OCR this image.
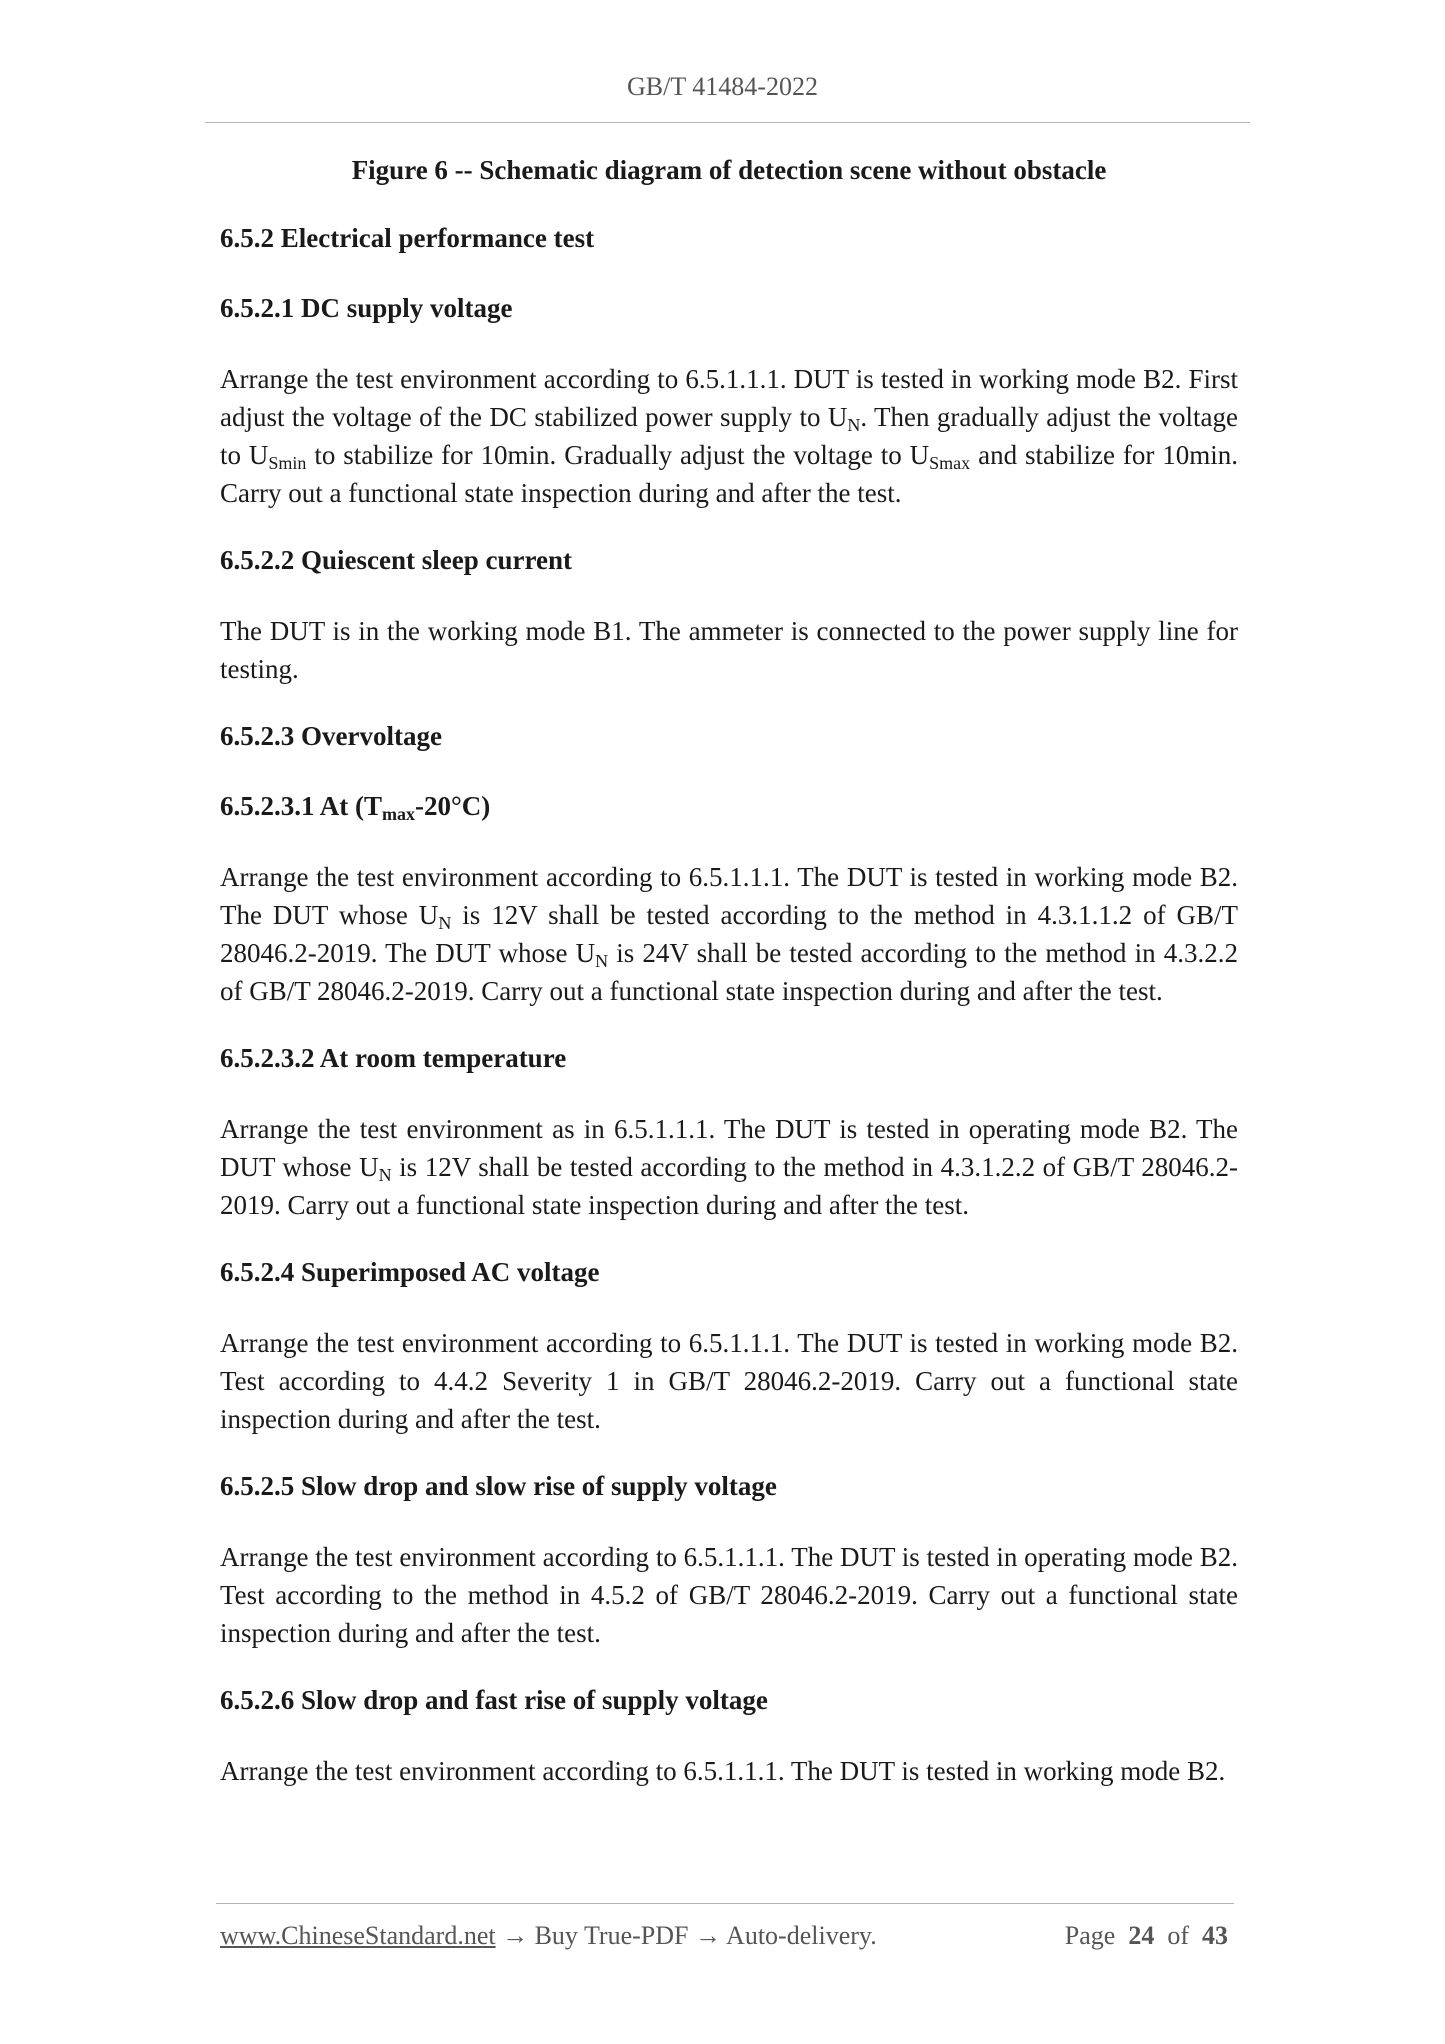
GB/T 41484-2022

Figure 6 -- Schematic diagram of detection scene without obstacle

6.5.2 Electrical performance test

6.5.2.1 DC supply voltage

Arrange the test environment according to 6.5.1.1.1. DUT is tested in working mode B2. First adjust the voltage of the DC stabilized power supply to $U_N$. Then gradually adjust the voltage to $U_{Smin}$ to stabilize for 10min. Gradually adjust the voltage to $U_{Smax}$ and stabilize for 10min. Carry out a functional state inspection during and after the test.

6.5.2.2 Quiescent sleep current

The DUT is in the working mode B1. The ammeter is connected to the power supply line for testing.

6.5.2.3 Overvoltage

6.5.2.3.1 At $(T_{max}-20^\circ C)$

Arrange the test environment according to 6.5.1.1.1. The DUT is tested in working mode B2. The DUT whose $U_N$ is 12V shall be tested according to the method in 4.3.1.1.2 of GB/T 28046.2-2019. The DUT whose $U_N$ is 24V shall be tested according to the method in 4.3.2.2 of GB/T 28046.2-2019. Carry out a functional state inspection during and after the test.

6.5.2.3.2 At room temperature

Arrange the test environment as in 6.5.1.1.1. The DUT is tested in operating mode B2. The DUT whose $U_N$ is 12V shall be tested according to the method in 4.3.1.2.2 of GB/T 28046.2-2019. Carry out a functional state inspection during and after the test.

6.5.2.4 Superimposed AC voltage

Arrange the test environment according to 6.5.1.1.1. The DUT is tested in working mode B2. Test according to 4.4.2 Severity 1 in GB/T 28046.2-2019. Carry out a functional state inspection during and after the test.

6.5.2.5 Slow drop and slow rise of supply voltage

Arrange the test environment according to 6.5.1.1.1. The DUT is tested in operating mode B2. Test according to the method in 4.5.2 of GB/T 28046.2-2019. Carry out a functional state inspection during and after the test.

6.5.2.6 Slow drop and fast rise of supply voltage

Arrange the test environment according to 6.5.1.1.1. The DUT is tested in working mode B2.

www.ChineseStandard.net → Buy True-PDF → Auto-delivery.	Page 24 of 43
